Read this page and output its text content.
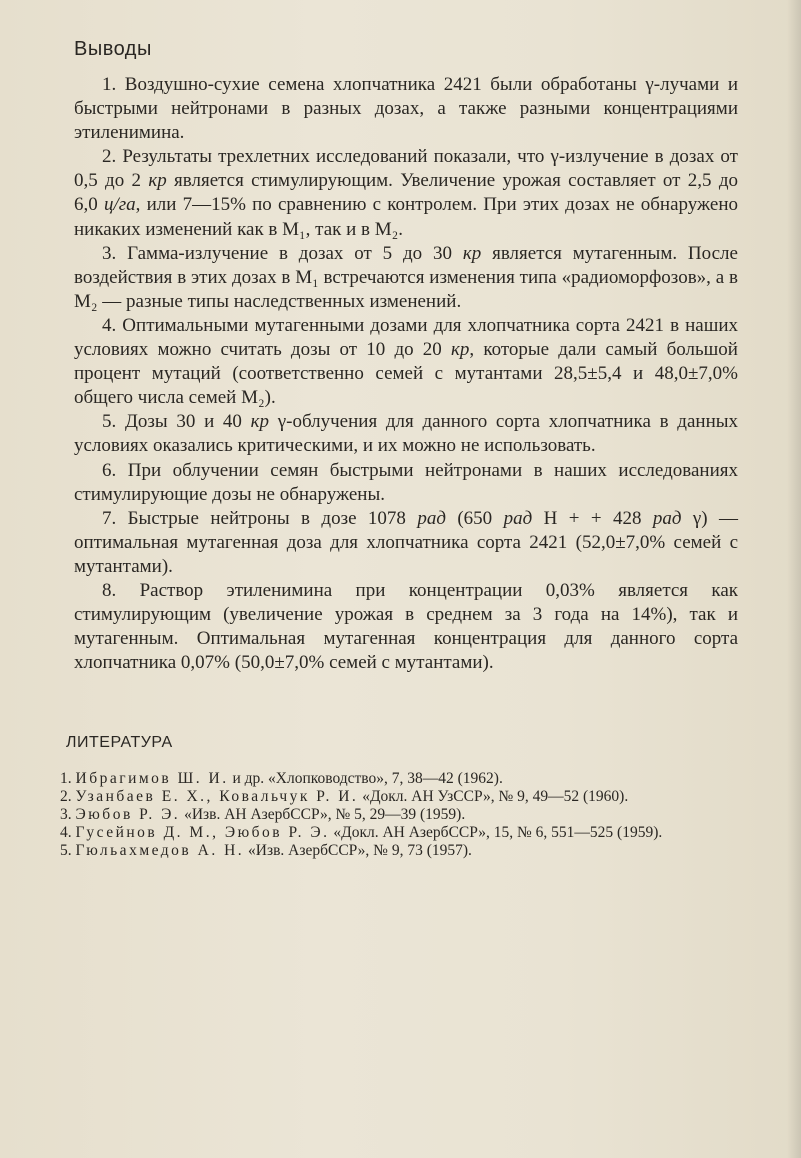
Выводы

1. Воздушно-сухие семена хлопчатника 2421 были обработаны γ-лучами и быстрыми нейтронами в разных дозах, а также разными концентрациями этиленимина.

2. Результаты трехлетних исследований показали, что γ-излучение в дозах от 0,5 до 2 кр является стимулирующим. Увеличение урожая составляет от 2,5 до 6,0 ц/га, или 7—15% по сравнению с контролем. При этих дозах не обнаружено никаких изменений как в M₁, так и в M₂.

3. Гамма-излучение в дозах от 5 до 30 кр является мутагенным. После воздействия в этих дозах в M₁ встречаются изменения типа «радиоморфозов», а в M₂ — разные типы наследственных изменений.

4. Оптимальными мутагенными дозами для хлопчатника сорта 2421 в наших условиях можно считать дозы от 10 до 20 кр, которые дали самый большой процент мутаций (соответственно семей с мутантами 28,5±5,4 и 48,0±7,0% общего числа семей M₂).

5. Дозы 30 и 40 кр γ-облучения для данного сорта хлопчатника в данных условиях оказались критическими, и их можно не использовать.

6. При облучении семян быстрыми нейтронами в наших исследованиях стимулирующие дозы не обнаружены.

7. Быстрые нейтроны в дозе 1078 рад (650 рад H + + 428 рад γ) — оптимальная мутагенная доза для хлопчатника сорта 2421 (52,0±7,0% семей с мутантами).

8. Раствор этиленимина при концентрации 0,03% является как стимулирующим (увеличение урожая в среднем за 3 года на 14%), так и мутагенным. Оптимальная мутагенная концентрация для данного сорта хлопчатника 0,07% (50,0±7,0% семей с мутантами).

ЛИТЕРАТУРА
1. Ибрагимов Ш. И. и др. «Хлопководство», 7, 38—42 (1962).
2. Узанбаев Е. Х., Ковальчук Р. И. «Докл. АН УзССР», № 9, 49—52 (1960).
3. Эюбов Р. Э. «Изв. АН АзербССР», № 5, 29—39 (1959).
4. Гусейнов Д. М., Эюбов Р. Э. «Докл. АН АзербССР», 15, № 6, 551—525 (1959).
5. Гюльахмедов А. Н. «Изв. АзербССР», № 9, 73 (1957).
